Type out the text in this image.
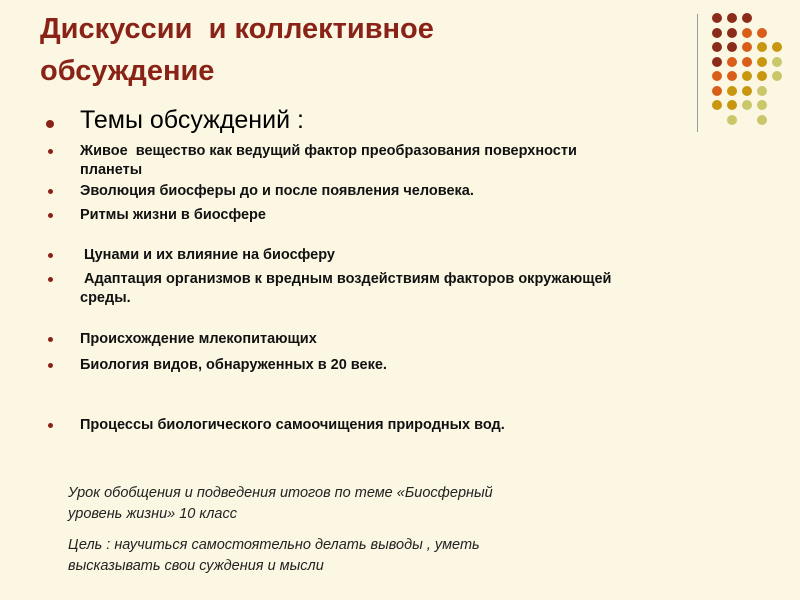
Дискуссии  и коллективное
обсуждение
Темы обсуждений :
Живое  вещество как ведущий фактор преобразования поверхности
планеты
Эволюция биосферы до и после появления человека.
Ритмы жизни в биосфере
Цунами и их влияние на биосферу
Адаптация организмов к вредным воздействиям факторов окружающей
среды.
Происхождение млекопитающих
Биология видов, обнаруженных в 20 веке.
Процессы биологического самоочищения природных вод.
Урок обобщения и подведения итогов по теме «Биосферный
уровень жизни» 10 класс
Цель : научиться самостоятельно делать выводы , уметь
высказывать свои суждения и мысли
